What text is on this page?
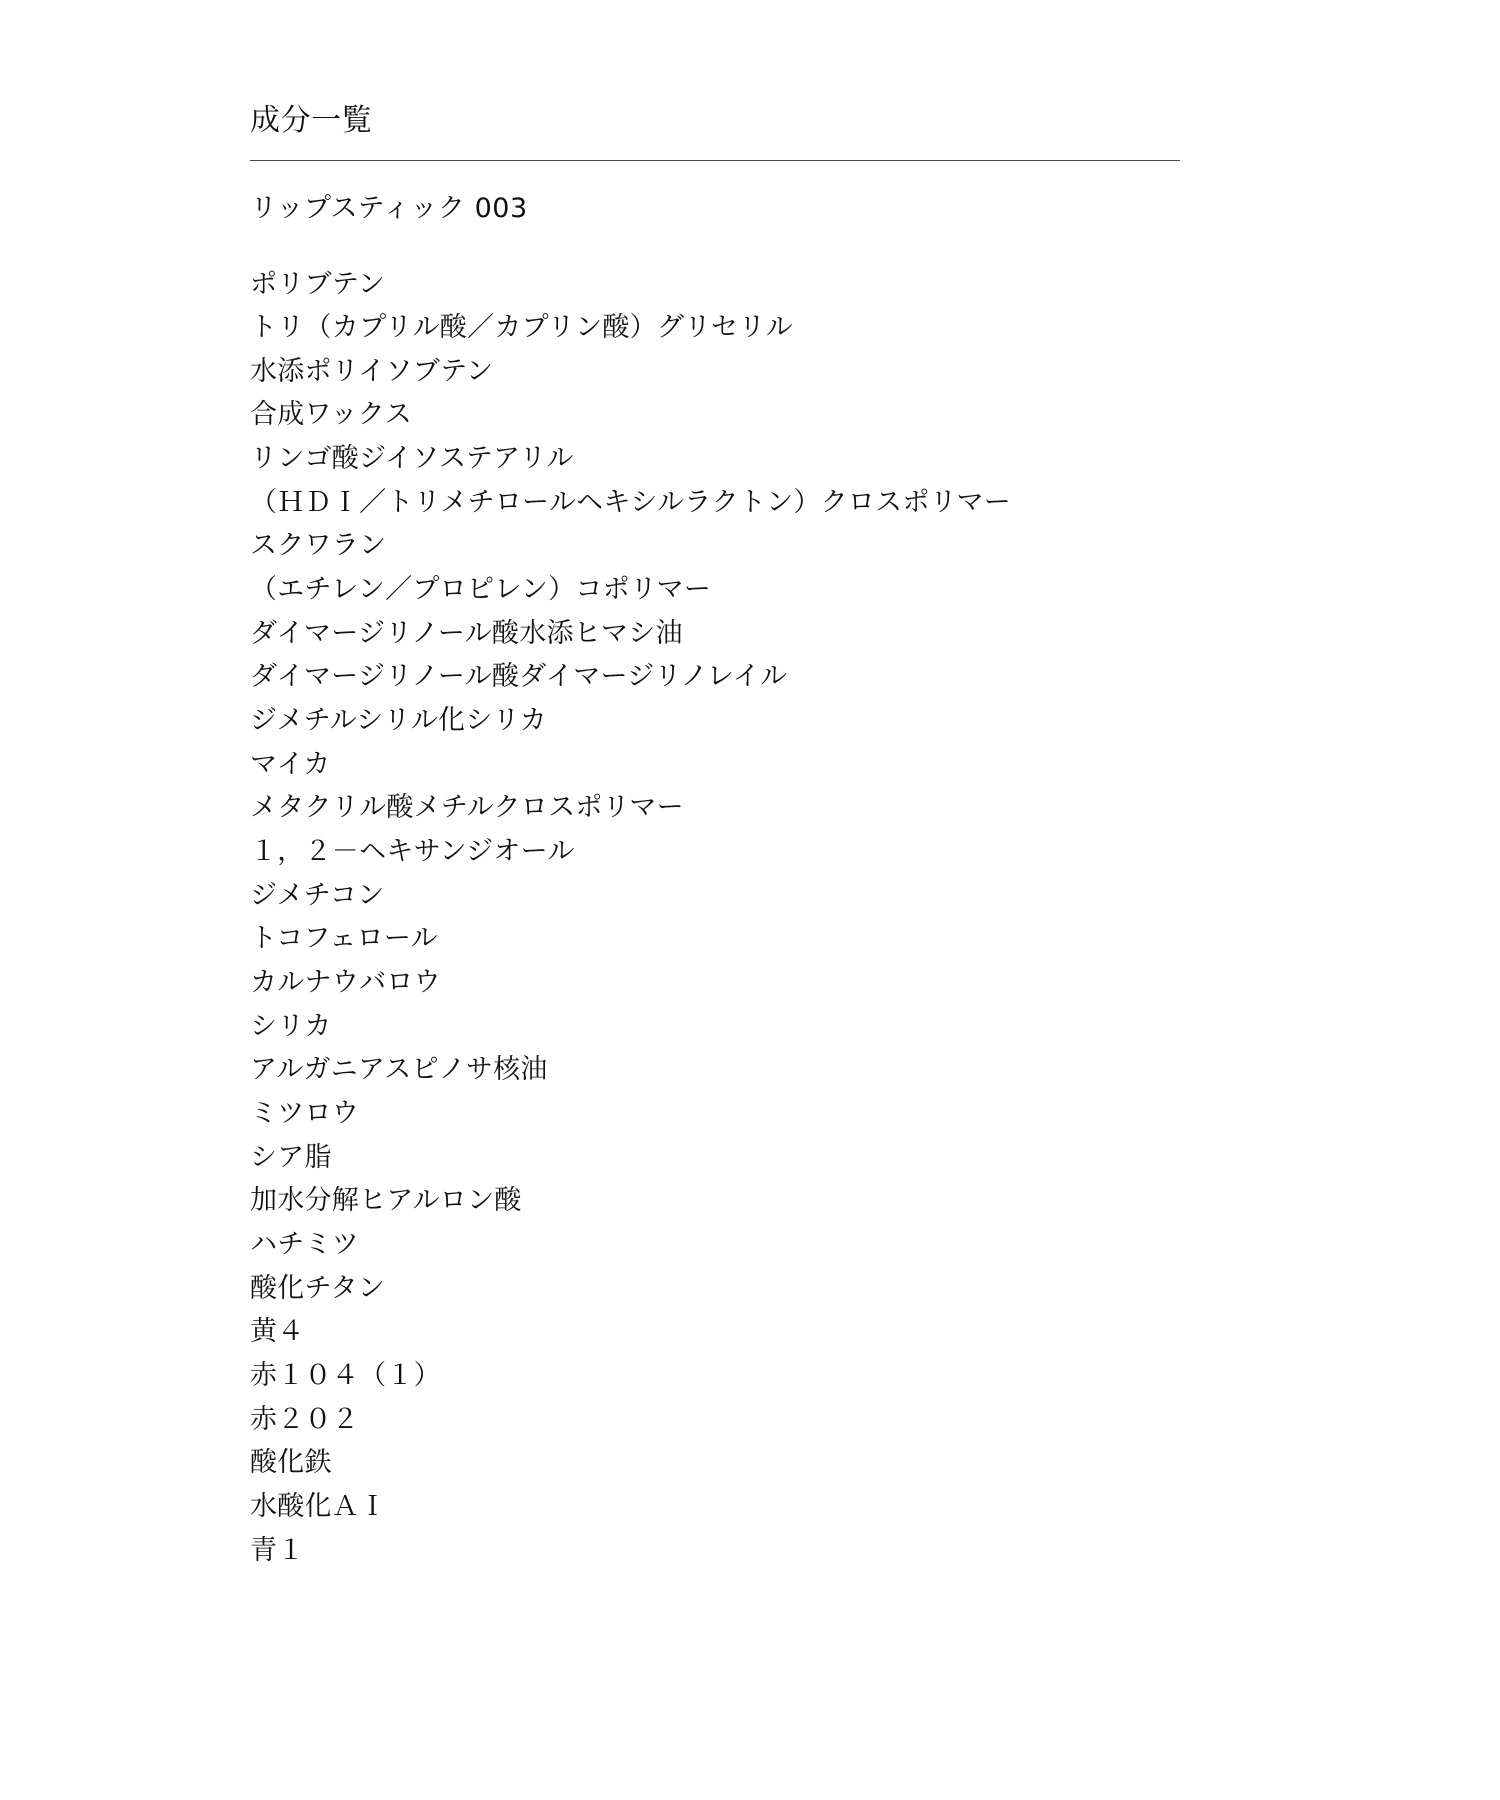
成分一覧
リップスティック 003
ポリブテン
トリ（カプリル酸／カプリン酸）グリセリル
水添ポリイソブテン
合成ワックス
リンゴ酸ジイソステアリル
（ＨＤＩ／トリメチロールヘキシルラクトン）クロスポリマー
スクワラン
（エチレン／プロピレン）コポリマー
ダイマージリノール酸水添ヒマシ油
ダイマージリノール酸ダイマージリノレイル
ジメチルシリル化シリカ
マイカ
メタクリル酸メチルクロスポリマー
１，２－ヘキサンジオール
ジメチコン
トコフェロール
カルナウバロウ
シリカ
アルガニアスピノサ核油
ミツロウ
シア脂
加水分解ヒアルロン酸
ハチミツ
酸化チタン
黄４
赤１０４（１）
赤２０２
酸化鉄
水酸化ＡＩ
青１
